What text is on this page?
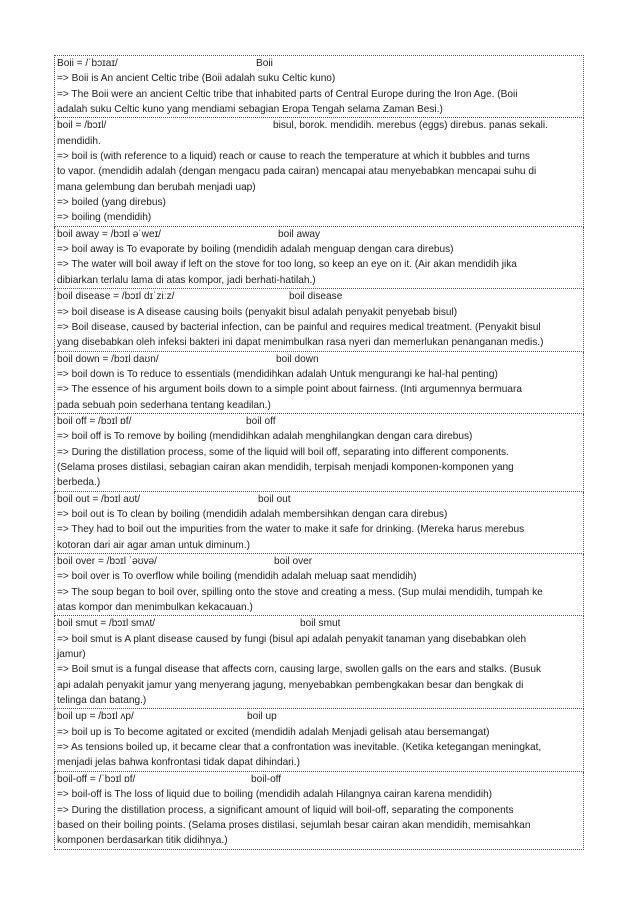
Boii = /ˈbɔɪaɪ/	Boii
=> Boii is An ancient Celtic tribe (Boii adalah suku Celtic kuno)
=> The Boii were an ancient Celtic tribe that inhabited parts of Central Europe during the Iron Age. (Boii
adalah suku Celtic kuno yang mendiami sebagian Eropa Tengah selama Zaman Besi.)
boil = /bɔɪl/	bisul, borok. mendidih. merebus (eggs) direbus. panas sekali.
mendidih.
=> boil is (with reference to a liquid) reach or cause to reach the temperature at which it bubbles and turns
to vapor. (mendidih adalah (dengan mengacu pada cairan) mencapai atau menyebabkan mencapai suhu di
mana gelembung dan berubah menjadi uap)
=> boiled (yang direbus)
=> boiling (mendidih)
boil away = /bɔɪl əˈweɪ/	boil away
=> boil away is To evaporate by boiling (mendidih adalah menguap dengan cara direbus)
=> The water will boil away if left on the stove for too long, so keep an eye on it. (Air akan mendidih jika
dibiarkan terlalu lama di atas kompor, jadi berhati-hatilah.)
boil disease = /bɔɪl dɪˈziːz/	boil disease
=> boil disease is A disease causing boils (penyakit bisul adalah penyakit penyebab bisul)
=> Boil disease, caused by bacterial infection, can be painful and requires medical treatment. (Penyakit bisul
yang disebabkan oleh infeksi bakteri ini dapat menimbulkan rasa nyeri dan memerlukan penanganan medis.)
boil down = /bɔɪl daʊn/	boil down
=> boil down is To reduce to essentials (mendidihkan adalah Untuk mengurangi ke hal-hal penting)
=> The essence of his argument boils down to a simple point about fairness. (Inti argumennya bermuara
pada sebuah poin sederhana tentang keadilan.)
boil off = /bɔɪl ɒf/	boil off
=> boil off is To remove by boiling (mendidihkan adalah menghilangkan dengan cara direbus)
=> During the distillation process, some of the liquid will boil off, separating into different components.
(Selama proses distilasi, sebagian cairan akan mendidih, terpisah menjadi komponen-komponen yang
berbeda.)
boil out = /bɔɪl aʊt/	boil out
=> boil out is To clean by boiling (mendidih adalah membersihkan dengan cara direbus)
=> They had to boil out the impurities from the water to make it safe for drinking. (Mereka harus merebus
kotoran dari air agar aman untuk diminum.)
boil over = /bɔɪl ˈəʊvə/	boil over
=> boil over is To overflow while boiling (mendidih adalah meluap saat mendidih)
=> The soup began to boil over, spilling onto the stove and creating a mess. (Sup mulai mendidih, tumpah ke
atas kompor dan menimbulkan kekacauan.)
boil smut = /bɔɪl smʌt/	boil smut
=> boil smut is A plant disease caused by fungi (bisul api adalah penyakit tanaman yang disebabkan oleh
jamur)
=> Boil smut is a fungal disease that affects corn, causing large, swollen galls on the ears and stalks. (Busuk
api adalah penyakit jamur yang menyerang jagung, menyebabkan pembengkakan besar dan bengkak di
telinga dan batang.)
boil up = /bɔɪl ʌp/	boil up
=> boil up is To become agitated or excited (mendidih adalah Menjadi gelisah atau bersemangat)
=> As tensions boiled up, it became clear that a confrontation was inevitable. (Ketika ketegangan meningkat,
menjadi jelas bahwa konfrontasi tidak dapat dihindari.)
boil-off = /ˈbɔɪl ɒf/	boil-off
=> boil-off is The loss of liquid due to boiling (mendidih adalah Hilangnya cairan karena mendidih)
=> During the distillation process, a significant amount of liquid will boil-off, separating the components
based on their boiling points. (Selama proses distilasi, sejumlah besar cairan akan mendidih, memisahkan
komponen berdasarkan titik didihnya.)
